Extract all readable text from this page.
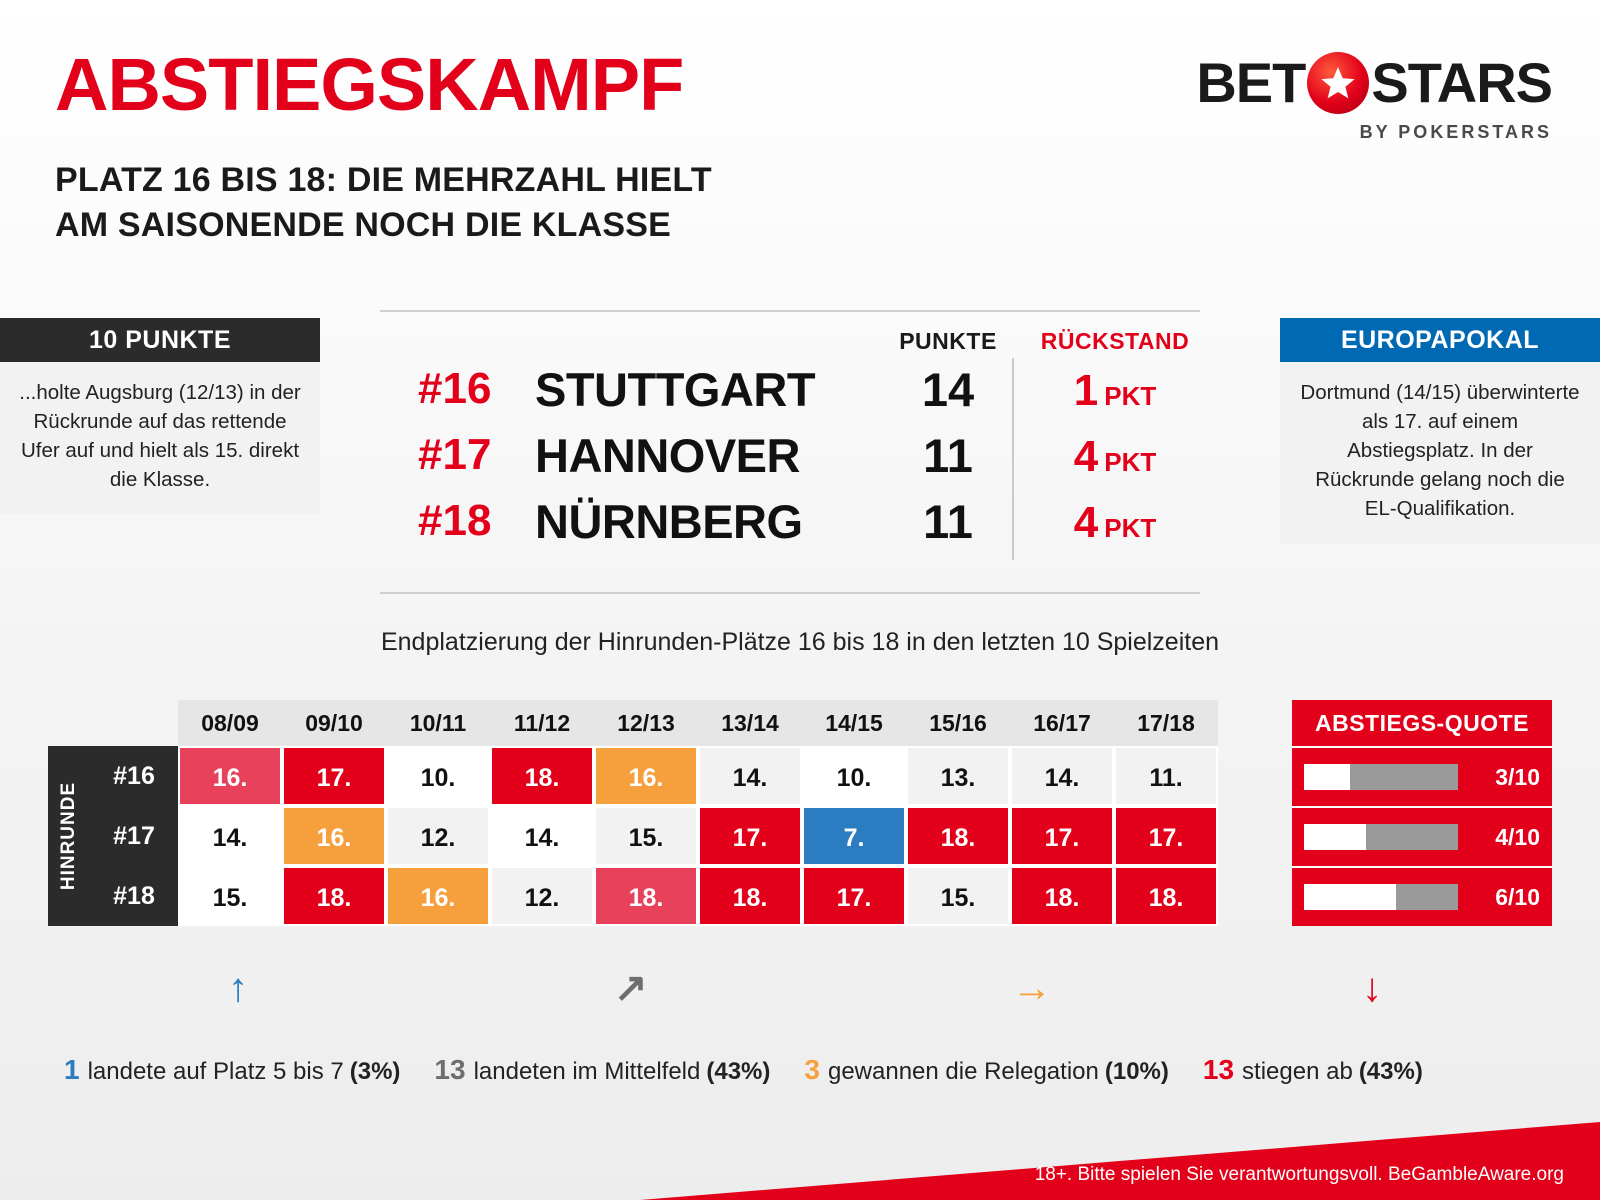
ABSTIEGSKAMPF
PLATZ 16 BIS 18: DIE MEHRZAHL HIELT
AM SAISONENDE NOCH DIE KLASSE
BET STARS
BY POKERSTARS
10 PUNKTE
...holte Augsburg (12/13) in der Rückrunde auf das rettende Ufer auf und hielt als 15. direkt die Klasse.
PUNKTE	RÜCKSTAND
#16 STUTTGART	14	1 PKT
#17 HANNOVER	11	4 PKT
#18 NÜRNBERG	11	4 PKT
EUROPAPOKAL
Dortmund (14/15) überwinterte als 17. auf einem Abstiegsplatz. In der Rückrunde gelang noch die EL-Qualifikation.
Endplatzierung der Hinrunden-Plätze 16 bis 18 in den letzten 10 Spielzeiten
08/09	09/10	10/11	11/12	12/13	13/14	14/15	15/16	16/17	17/18
HINRUNDE
#16	16.	17.	10.	18.	16.	14.	10.	13.	14.	11.
#17	14.	16.	12.	14.	15.	17.	7.	18.	17.	17.
#18	15.	18.	16.	12.	18.	18.	17.	15.	18.	18.
ABSTIEGS-QUOTE
3/10
4/10
6/10
↑	↗	→	↓
1 landete auf Platz 5 bis 7 (3%) 13 landeten im Mittelfeld (43%) 3 gewannen die Relegation (10%) 13 stiegen ab (43%)
18+. Bitte spielen Sie verantwortungsvoll. BeGambleAware.org
